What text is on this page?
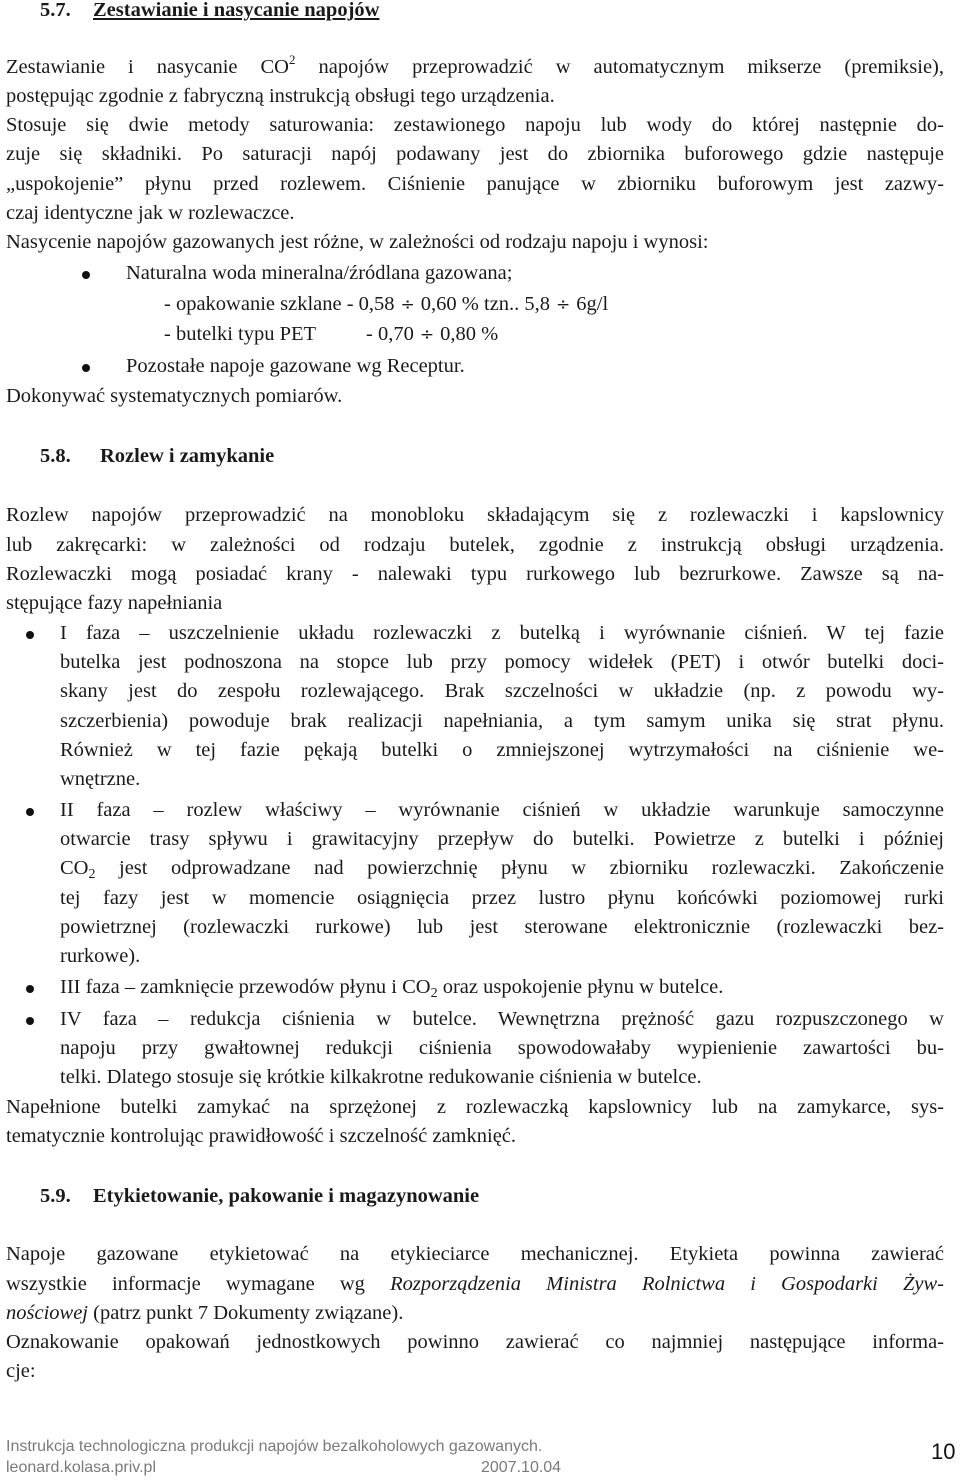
5.7. Zestawianie i nasycanie napojów
Zestawianie i nasycanie $CO^2$ napojów przeprowadzić w automatycznym mikserze (premiksie),
postępując zgodnie z fabryczną instrukcją obsługi tego urządzenia.
Stosuje się dwie metody saturowania: zestawionego napoju lub wody do której następnie do-
zuje się składniki. Po saturacji napój podawany jest do zbiornika buforowego gdzie następuje
„uspokojenie” płynu przed rozlewem. Ciśnienie panujące w zbiorniku buforowym jest zazwy-
czaj identyczne jak w rozlewaczce.
Nasycenie napojów gazowanych jest różne, w zależności od rodzaju napoju i wynosi:
Naturalna woda mineralna/źródlana gazowana;
- opakowanie szklane - 0,58 ÷ 0,60 % tzn.. 5,8 ÷ 6g/l
- butelki typu PET - 0,70 ÷ 0,80 %
Pozostałe napoje gazowane wg Receptur.
Dokonywać systematycznych pomiarów.
5.8. Rozlew i zamykanie
Rozlew napojów przeprowadzić na monobloku składającym się z rozlewaczki i kapslownicy
lub zakręcarki: w zależności od rodzaju butelek, zgodnie z instrukcją obsługi urządzenia.
Rozlewaczki mogą posiadać krany - nalewaki typu rurkowego lub bezrurkowe. Zawsze są na-
stępujące fazy napełniania
I faza – uszczelnienie układu rozlewaczki z butelką i wyrównanie ciśnień. W tej fazie
butelka jest podnoszona na stopce lub przy pomocy widełek (PET) i otwór butelki doci-
skany jest do zespołu rozlewającego. Brak szczelności w układzie (np. z powodu wy-
szczerbienia) powoduje brak realizacji napełniania, a tym samym unika się strat płynu.
Również w tej fazie pękają butelki o zmniejszonej wytrzymałości na ciśnienie we-
wnętrzne.
II faza – rozlew właściwy – wyrównanie ciśnień w układzie warunkuje samoczynne
otwarcie trasy spływu i grawitacyjny przepływ do butelki. Powietrze z butelki i później
$CO_2$ jest odprowadzane nad powierzchnię płynu w zbiorniku rozlewaczki. Zakończenie
tej fazy jest w momencie osiągnięcia przez lustro płynu końcówki poziomowej rurki
powietrznej (rozlewaczki rurkowe) lub jest sterowane elektronicznie (rozlewaczki bez-
rurkowe).
III faza – zamknięcie przewodów płynu i $CO_2$ oraz uspokojenie płynu w butelce.
IV faza – redukcja ciśnienia w butelce. Wewnętrzna prężność gazu rozpuszczonego w
napoju przy gwałtownej redukcji ciśnienia spowodowałaby wypienienie zawartości bu-
telki. Dlatego stosuje się krótkie kilkakrotne redukowanie ciśnienia w butelce.
Napełnione butelki zamykać na sprzężonej z rozlewaczką kapslownicy lub na zamykarce, sys-
tematycznie kontrolując prawidłowość i szczelność zamknięć.
5.9. Etykietowanie, pakowanie i magazynowanie
Napoje gazowane etykietować na etykieciarce mechanicznej. Etykieta powinna zawierać
wszystkie informacje wymagane wg Rozporządzenia Ministra Rolnictwa i Gospodarki Żyw-
nościowej (patrz punkt 7 Dokumenty związane).
Oznakowanie opakowań jednostkowych powinno zawierać co najmniej następujące informa-
cje:
Instrukcja technologiczna produkcji napojów bezalkoholowych gazowanych.
leonard.kolasa.priv.pl	2007.10.04
10
